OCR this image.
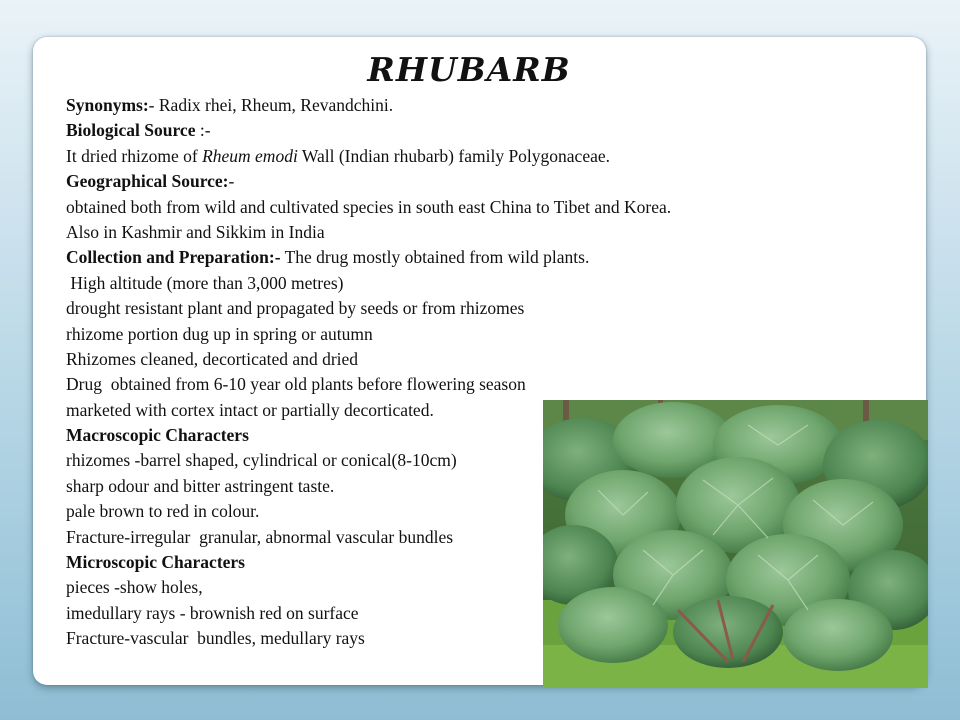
RHUBARB
Synonyms:- Radix rhei, Rheum, Revandchini.
Biological Source :-
It dried rhizome of Rheum emodi Wall (Indian rhubarb) family Polygonaceae.
Geographical Source:-
obtained both from wild and cultivated species in south east China to Tibet and Korea.
Also in Kashmir and Sikkim in India
Collection and Preparation:- The drug mostly obtained from wild plants.
High altitude (more than 3,000 metres)
drought resistant plant and propagated by seeds or from rhizomes
rhizome portion dug up in spring or autumn
Rhizomes cleaned, decorticated and dried
Drug  obtained from 6-10 year old plants before flowering season
marketed with cortex intact or partially decorticated.
Macroscopic Characters
rhizomes -barrel shaped, cylindrical or conical(8-10cm)
sharp odour and bitter astringent taste.
pale brown to red in colour.
Fracture-irregular  granular, abnormal vascular bundles
Microscopic Characters
pieces -show holes,
imedullary rays - brownish red on surface
Fracture-vascular  bundles, medullary rays
